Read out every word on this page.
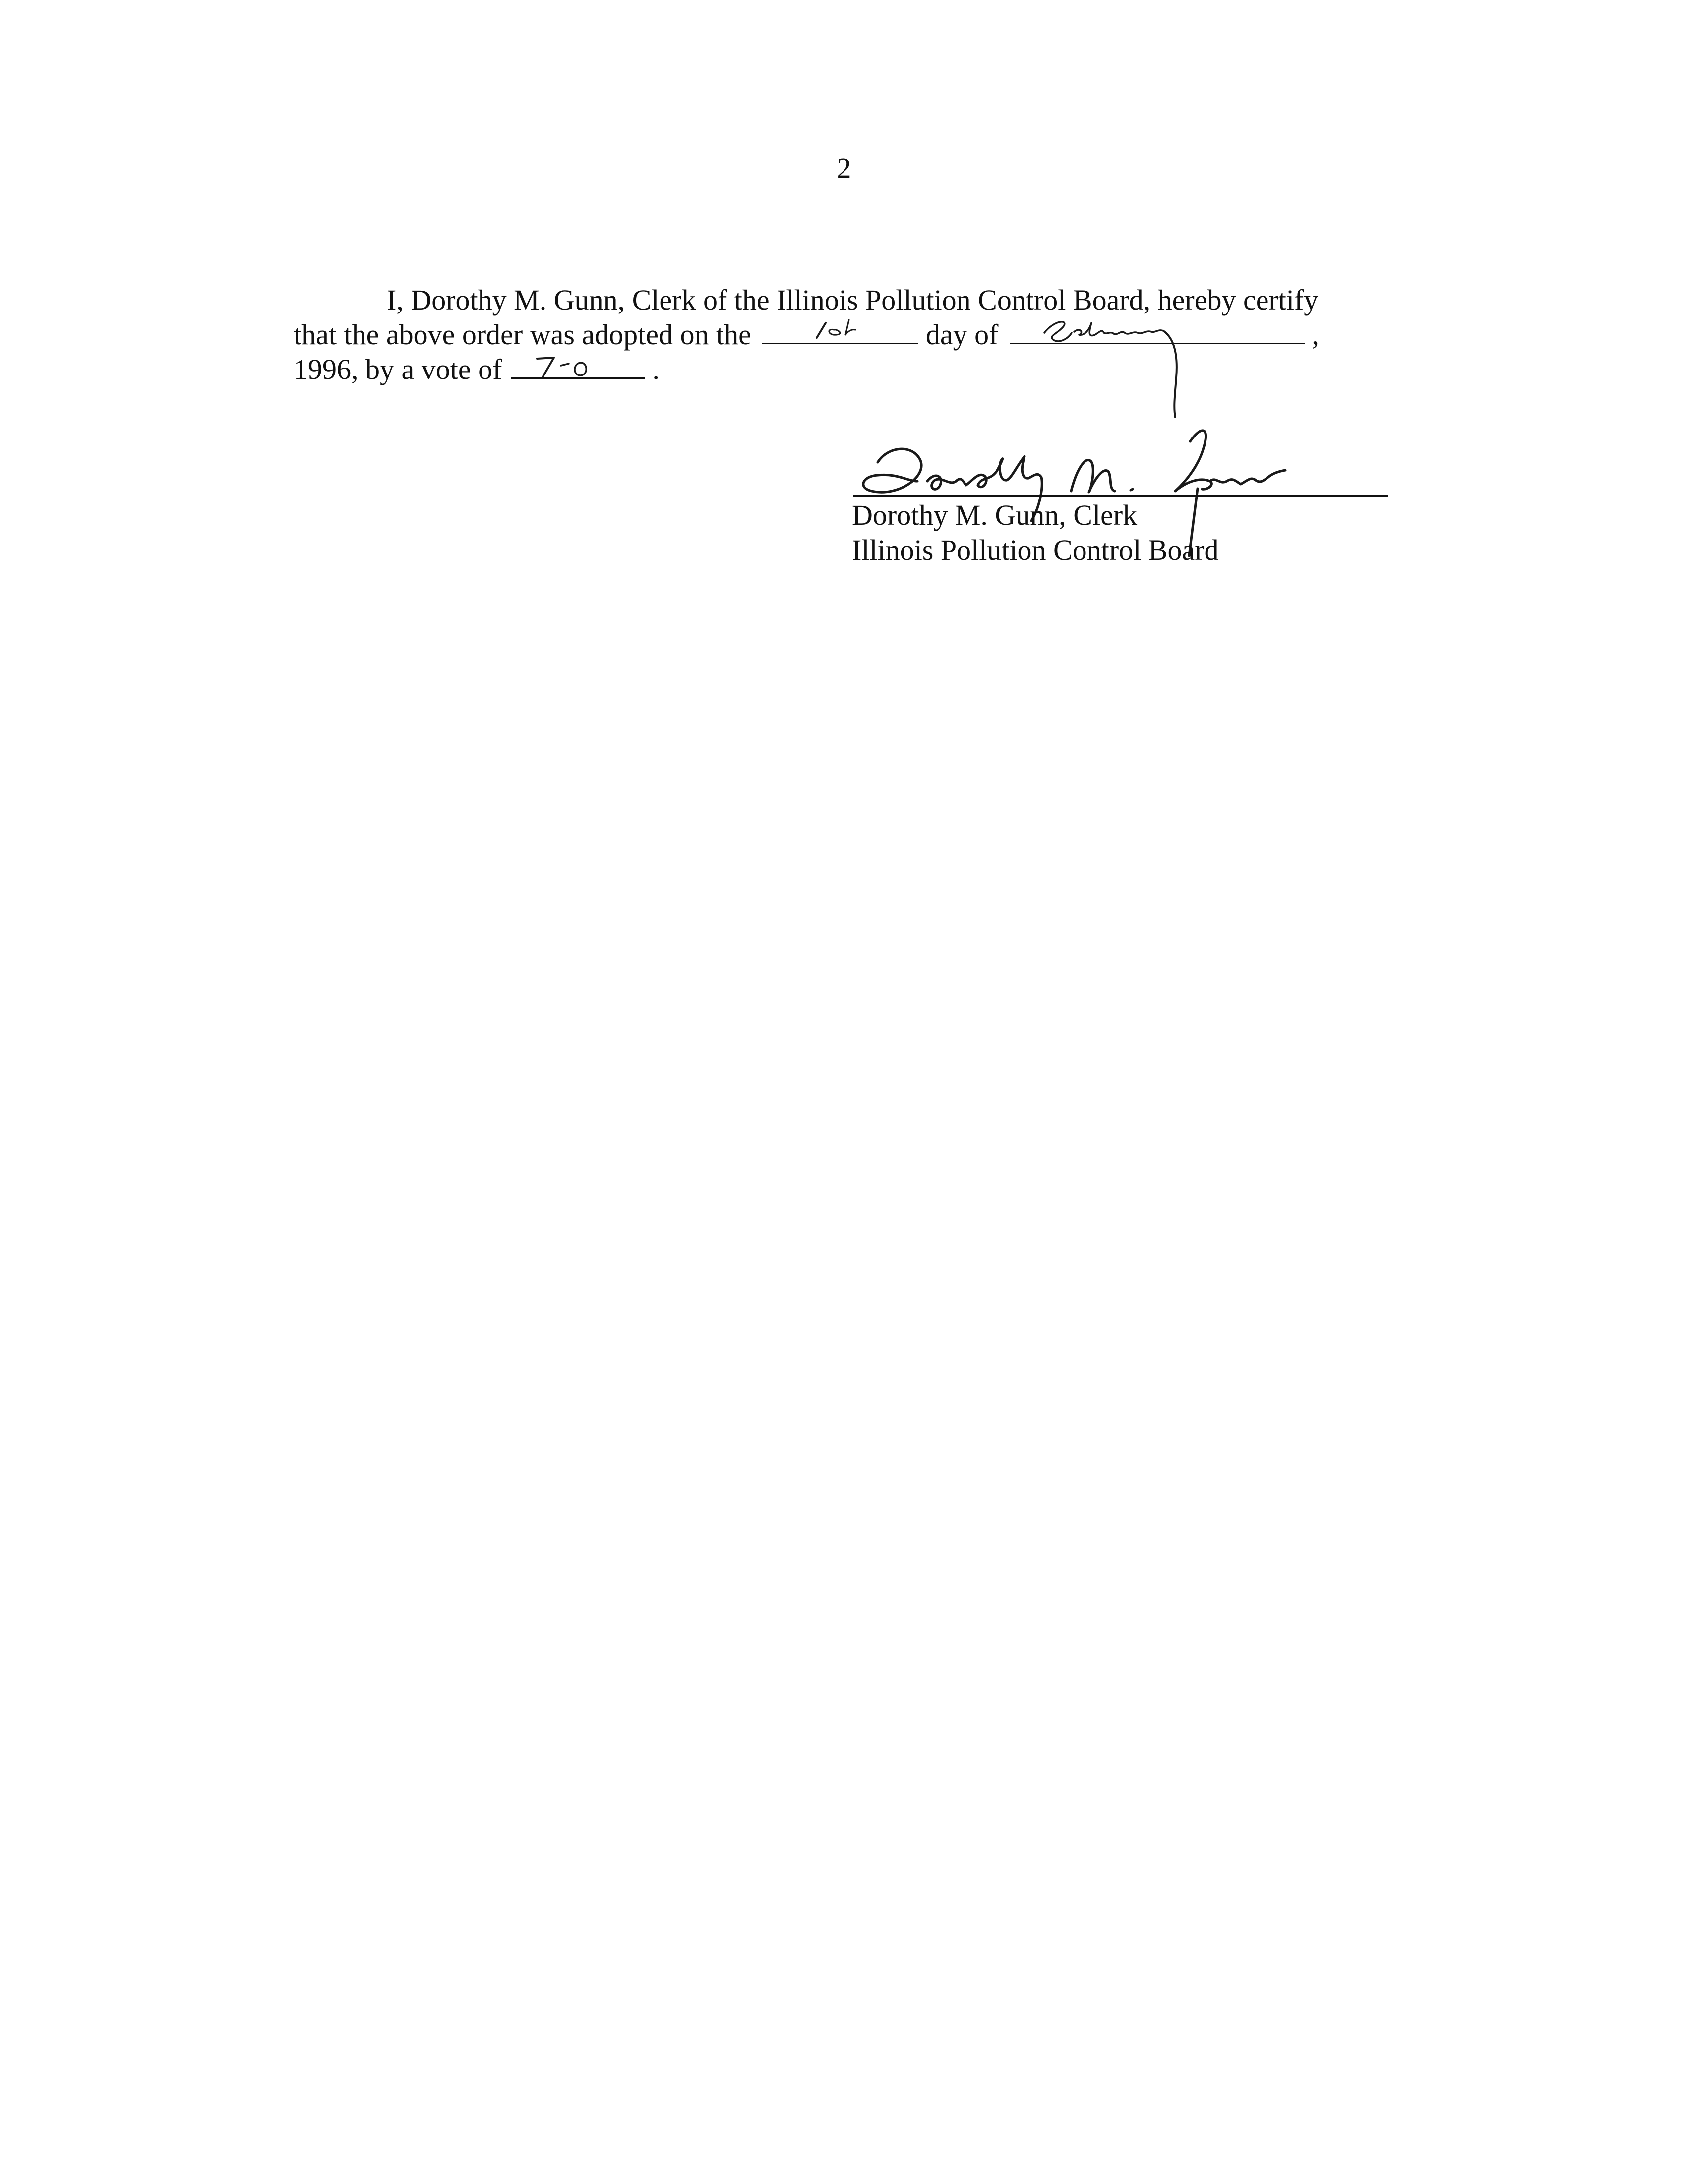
2
I, Dorothy M. Gunn, Clerk of the Illinois Pollution Control Board, hereby certify
that the above order was adopted on the	day of	,
1996, by a vote of	.
Dorothy M. Gunn, Clerk
Illinois Pollution Control Board
